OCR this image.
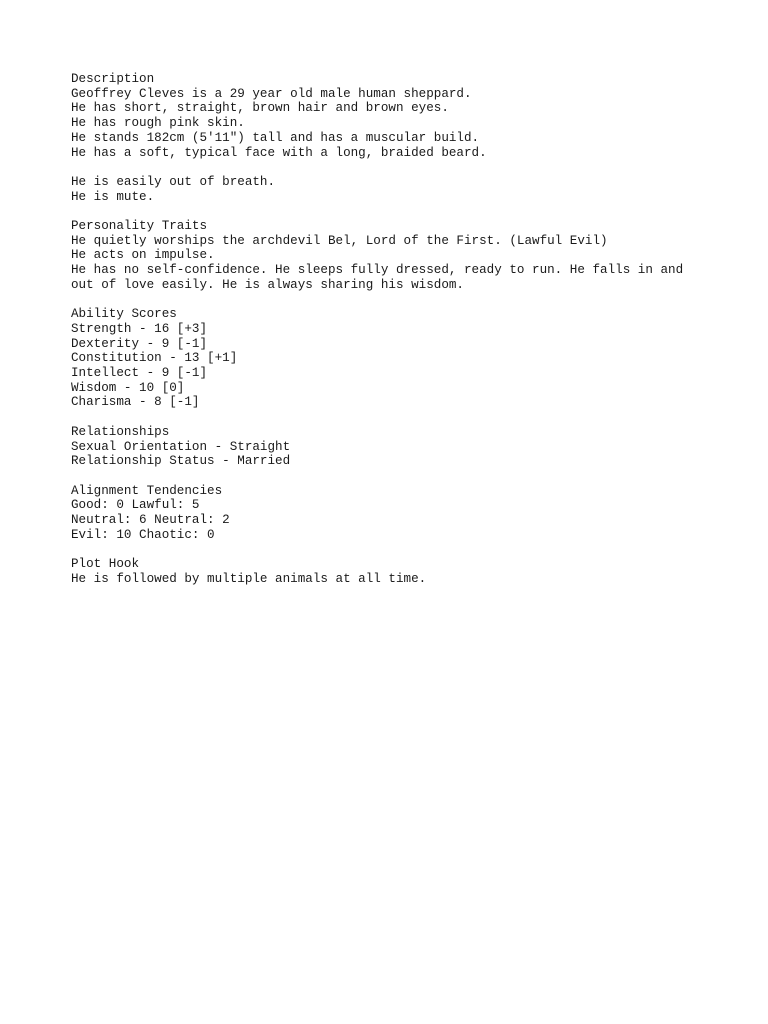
Description
Geoffrey Cleves is a 29 year old male human sheppard.
He has short, straight, brown hair and brown eyes.
He has rough pink skin.
He stands 182cm (5'11") tall and has a muscular build.
He has a soft, typical face with a long, braided beard.
He is easily out of breath.
He is mute.
Personality Traits
He quietly worships the archdevil Bel, Lord of the First. (Lawful Evil)
He acts on impulse.
He has no self-confidence. He sleeps fully dressed, ready to run. He falls in and out of love easily. He is always sharing his wisdom.
Ability Scores
Strength - 16 [+3]
Dexterity - 9 [-1]
Constitution - 13 [+1]
Intellect - 9 [-1]
Wisdom - 10 [0]
Charisma - 8 [-1]
Relationships
Sexual Orientation - Straight
Relationship Status - Married
Alignment Tendencies
Good: 0 Lawful: 5
Neutral: 6 Neutral: 2
Evil: 10 Chaotic: 0
Plot Hook
He is followed by multiple animals at all time.
